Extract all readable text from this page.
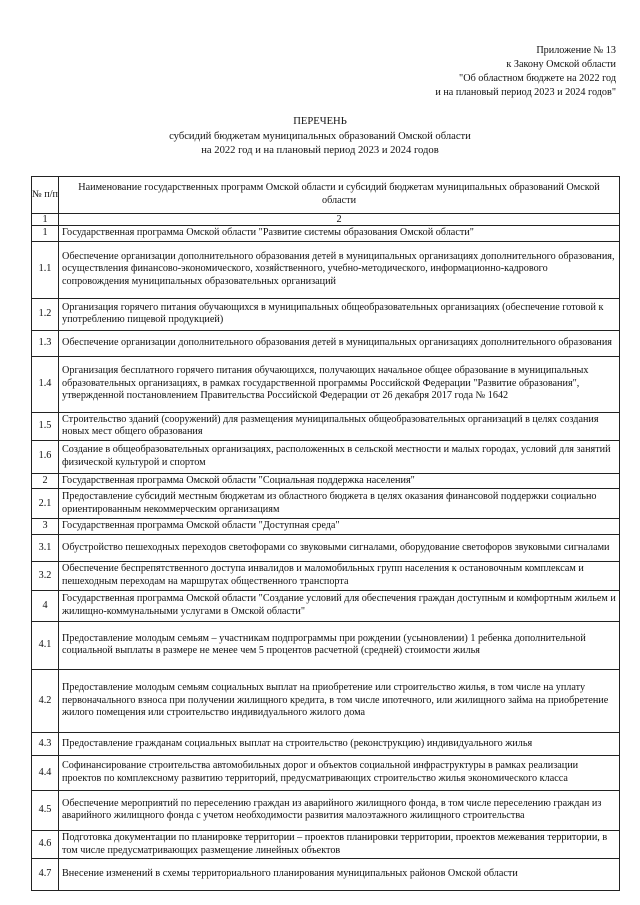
Приложение № 13
к Закону Омской области
"Об областном бюджете на 2022 год
и на плановый период 2023 и 2024 годов"
ПЕРЕЧЕНЬ
субсидий бюджетам муниципальных образований Омской области
на 2022 год и на плановый период 2023 и 2024 годов
№ п/п	Наименование государственных программ Омской области и субсидий бюджетам муниципальных образований Омской области
1	2
1	Государственная программа Омской области "Развитие системы образования Омской области"
1.1	Обеспечение организации дополнительного образования детей в муниципальных организациях дополнительного образования, осуществления финансово-экономического, хозяйственного, учебно-методического, информационно-кадрового сопровождения муниципальных образовательных организаций
1.2	Организация горячего питания обучающихся в муниципальных общеобразовательных организациях (обеспечение готовой к употреблению пищевой продукцией)
1.3	Обеспечение организации дополнительного образования детей в муниципальных организациях дополнительного образования
1.4	Организация бесплатного горячего питания обучающихся, получающих начальное общее образование в муниципальных образовательных организациях, в рамках государственной программы Российской Федерации "Развитие образования", утвержденной постановлением Правительства Российской Федерации от 26 декабря 2017 года № 1642
1.5	Строительство зданий (сооружений) для размещения муниципальных общеобразовательных организаций в целях создания новых мест общего образования
1.6	Создание в общеобразовательных организациях, расположенных в сельской местности и малых городах, условий для занятий физической культурой и спортом
2	Государственная программа Омской области "Социальная поддержка населения"
2.1	Предоставление субсидий местным бюджетам из областного бюджета в целях оказания финансовой поддержки социально ориентированным некоммерческим организациям
3	Государственная программа Омской области "Доступная среда"
3.1	Обустройство пешеходных переходов светофорами со звуковыми сигналами, оборудование светофоров звуковыми сигналами
3.2	Обеспечение беспрепятственного доступа инвалидов и маломобильных групп населения к остановочным комплексам и пешеходным переходам на маршрутах общественного транспорта
4	Государственная программа Омской области "Создание условий для обеспечения граждан доступным и комфортным жильем и жилищно-коммунальными услугами в Омской области"
4.1	Предоставление молодым семьям – участникам подпрограммы при рождении (усыновлении) 1 ребенка дополнительной социальной выплаты в размере не менее чем 5 процентов расчетной (средней) стоимости жилья
4.2	Предоставление молодым семьям социальных выплат на приобретение или строительство жилья, в том числе на уплату первоначального взноса при получении жилищного кредита, в том числе ипотечного, или жилищного займа на приобретение жилого помещения или строительство индивидуального жилого дома
4.3	Предоставление гражданам социальных выплат на строительство (реконструкцию) индивидуального жилья
4.4	Софинансирование строительства автомобильных дорог и объектов социальной инфраструктуры в рамках реализации проектов по комплексному развитию территорий, предусматривающих строительство жилья экономического класса
4.5	Обеспечение мероприятий по переселению граждан из аварийного жилищного фонда, в том числе переселению граждан из аварийного жилищного фонда с учетом необходимости развития малоэтажного жилищного строительства
4.6	Подготовка документации по планировке территории – проектов планировки территории, проектов межевания территории, в том числе предусматривающих размещение линейных объектов
4.7	Внесение изменений в схемы территориального планирования муниципальных районов Омской области
